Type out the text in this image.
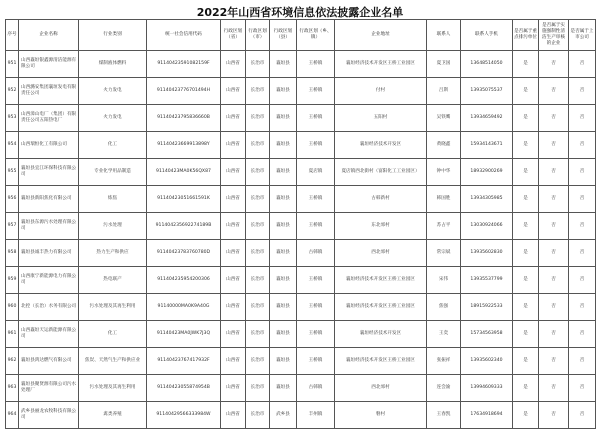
2022年山西省环境信息依法披露企业名单
序号	企业名称	行业类别	统一社会信用代码	行政区划（省）	行政区划（市）	行政区划（县）	行政区划（乡、镇）	企业地址	联系人	联系人手机	是否属于重点排污单位	是否属于实施强制性清洁生产审核的企业	是否属于上市公司
951	山西襄垣银鑫源清洁能源有限公司	煤制液体燃料	91140423591082159F	山西省	长治市	襄垣县	王桥镇	襄垣经济技术开发区王桥工业园区	夏卫国	13648514050	是	否	否
952	山西潞安集团襄垣发电有限责任公司	火力发电	91140423776701494H	山西省	长治市	襄垣县	王桥镇	付村	吕斯	13935075537	是	否	否
953	山西漳山电厂（集团）有限责任公司五阳热电厂	火力发电	91140423795836660B	山西省	长治市	襄垣县	王桥镇	五阳村	吴铁鹰	13934659492	是	否	否
954	山西瑞恒化工有限公司	化工	91140423669913898Y	山西省	长治市	襄垣县	王桥镇	襄垣经济技术开发区	黄晓鑫	15934143671	是	否	否
955	襄垣县宜江环保科技有限公司	专业化学用品制造	91140423MA0K56QX87	山西省	长治市	襄垣县	夏店镇	夏店镇西北街村（富阳化工工业园区）	钟中华	18932900269	是	否	否
956	襄垣县新阳焦化有限公司	炼焦	91140423051661591K	山西省	长治市	襄垣县	王桥镇	古韩新村	韩国胜	13934305985	是	否	否
957	襄垣县东源污水处理有限公司	污水处理	911404235692274189B	山西省	长治市	襄垣县	王桥镇	东北郊村	苏占平	13030924066	是	否	否
958	襄垣县诚丰热力有限公司	热力生产和供应	91140423783760780D	山西省	长治市	襄垣县	古韩镇	西北郊村	常宗斌	13935602830	是	否	否
959	山西康宁新能源电力有限公司	热电联产	911404235954200306	山西省	长治市	襄垣县	王桥镇	襄垣经济技术开发区王桥工业园区	宋伟	13935537799	是	否	否
960	北控（长治）水务有限公司	污水处理及其再生利用	91140000MA0K9A40G	山西省	长治市	襄垣县	王桥镇	襄垣经济技术开发区王桥工业园区	焦强	18915922533	是	否	否
961	山西襄垣天运新能源有限公司	化工	91140423MA0JWK7J3Q	山西省	长治市	襄垣县	王桥镇	襄垣经济技术开发区	王奕	15734563958	是	否	否
962	襄垣县鸿达燃气有限公司	焦炭、天然气生产和供应业	91140423767417932F	山西省	长治市	襄垣县	王桥镇	襄垣经济技术开发区王桥工业园区	张振祥	13935602340	是	否	否
963	襄垣县聚贤源有限公司污水处理厂	污水处理及其再生利用	91140423055874954B	山西省	长治市	襄垣县	古韩镇	西北郊村	连会渝	13994609333	是	否	否
964	武乡县丽龙农牧科技有限公司	禽类养殖	91140429566333984W	山西省	长治市	武乡县	丰州镇	磐村	王春凯	17634918694	是	否	否
